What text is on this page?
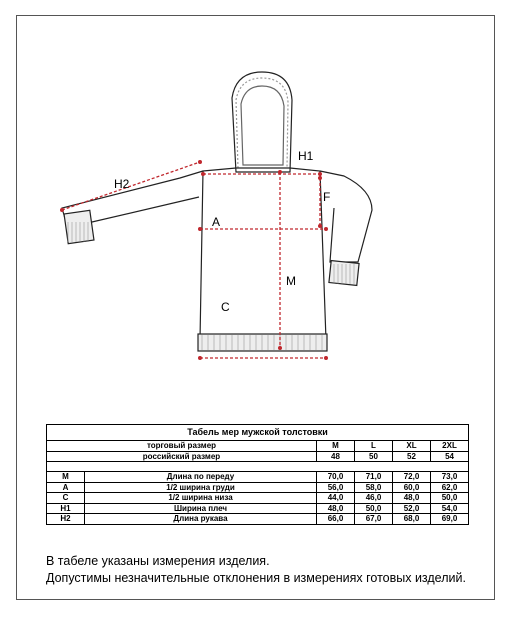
H1
H2
F
A
M
C
Табель мер мужской толстовки					
торговый размер		M	L	XL	2XL
российский размер		48	50	52	54

M	Длина по переду	70,0	71,0	72,0	73,0
A	1/2 ширина груди	56,0	58,0	60,0	62,0
C	1/2 ширина низа	44,0	46,0	48,0	50,0
H1	Ширина плеч	48,0	50,0	52,0	54,0
H2	Длина рукава	66,0	67,0	68,0	69,0
В табеле указаны измерения изделия.
Допустимы незначительные отклонения в измерениях готовых изделий.
